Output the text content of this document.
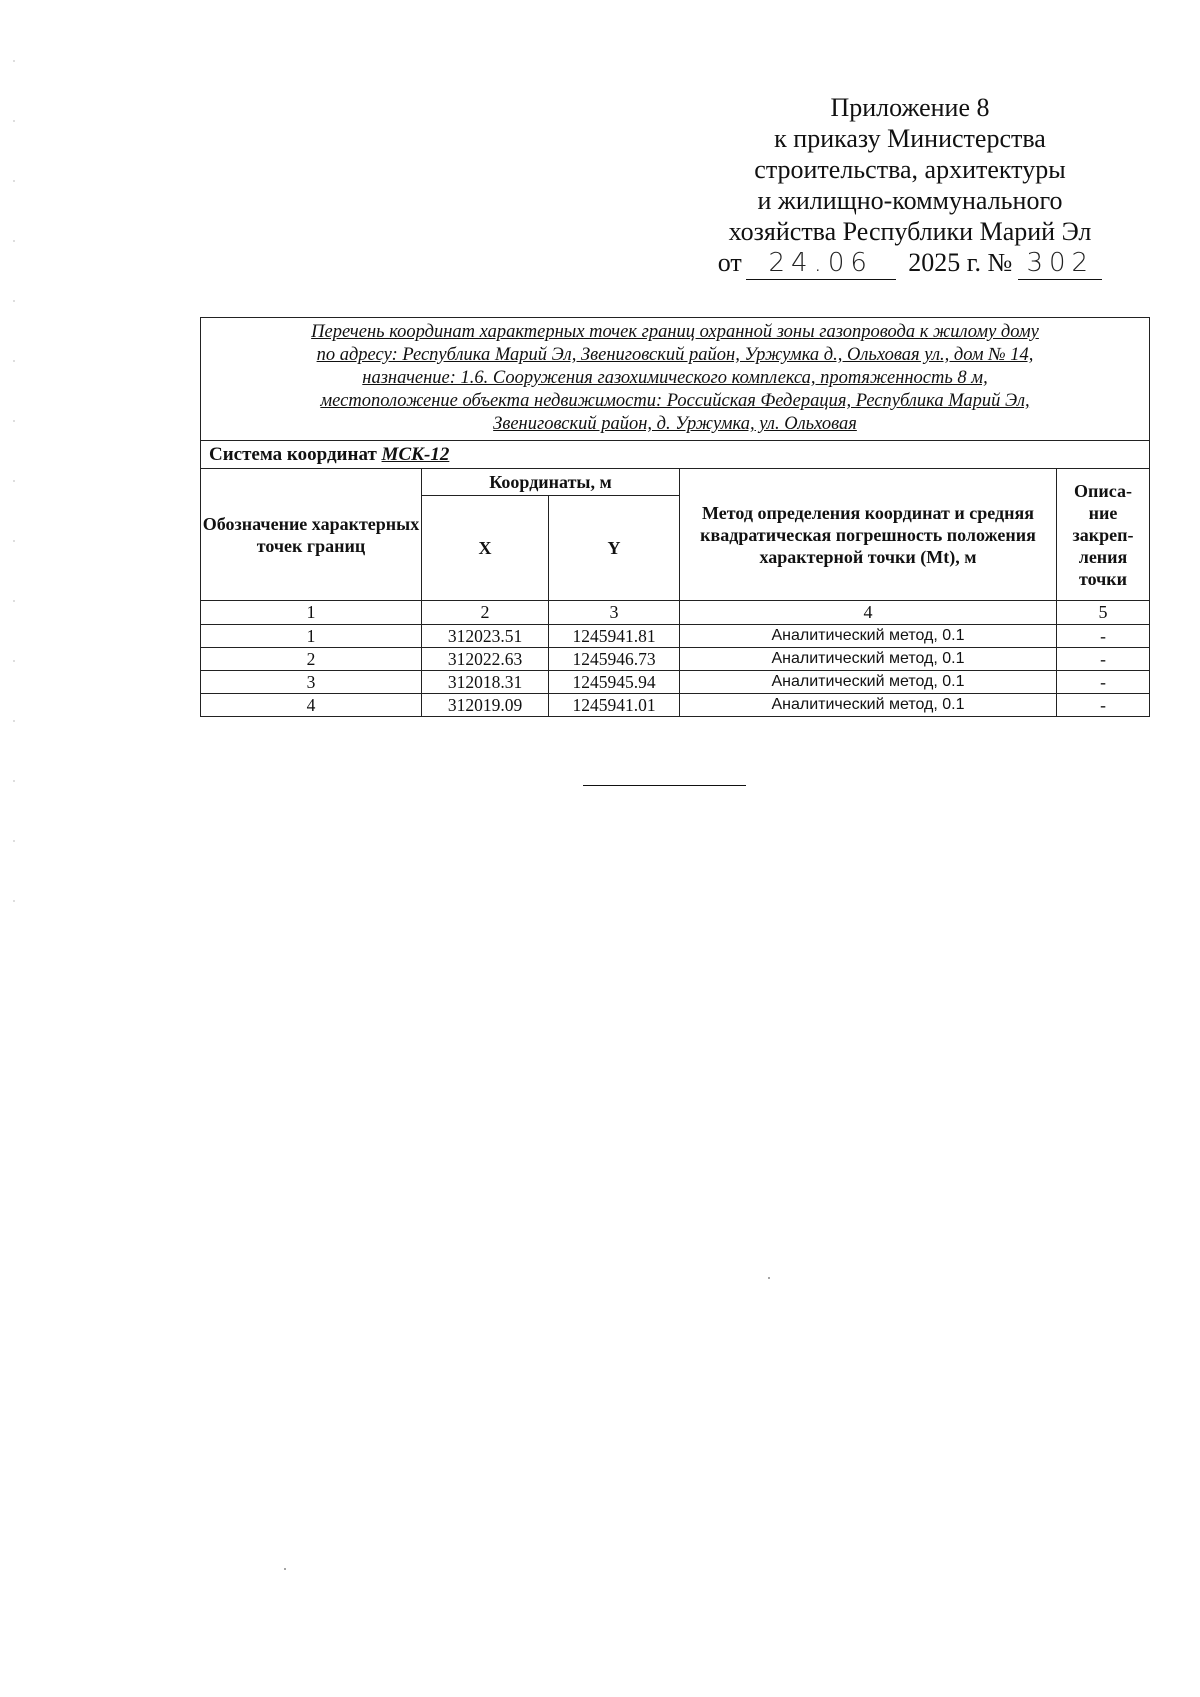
Приложение 8
к приказу Министерства
строительства, архитектуры
и жилищно-коммунального
хозяйства Республики Марий Эл
от 24.06 2025 г. № 302
Перечень координат характерных точек границ охранной зоны газопровода к жилому дому
по адресу: Республика Марий Эл, Звениговский район, Уржумка д., Ольховая ул., дом № 14,
назначение: 1.6. Сооружения газохимического комплекса, протяженность 8 м,
местоположение объекта недвижимости: Российская Федерация, Республика Марий Эл,
Звениговский район, д. Уржумка, ул. Ольховая				

Система координат МСК-12				
Обозначение характерных точек границ	Координаты, м		Метод определения координат и средняя квадратическая погрешность положения характерной точки (Mt), м	Описа-ние закреп-ления точки
	X	Y		
1	2	3	4	5
1	312023.51	1245941.81	Аналитический метод, 0.1	-
2	312022.63	1245946.73	Аналитический метод, 0.1	-
3	312018.31	1245945.94	Аналитический метод, 0.1	-
4	312019.09	1245941.01	Аналитический метод, 0.1	-
